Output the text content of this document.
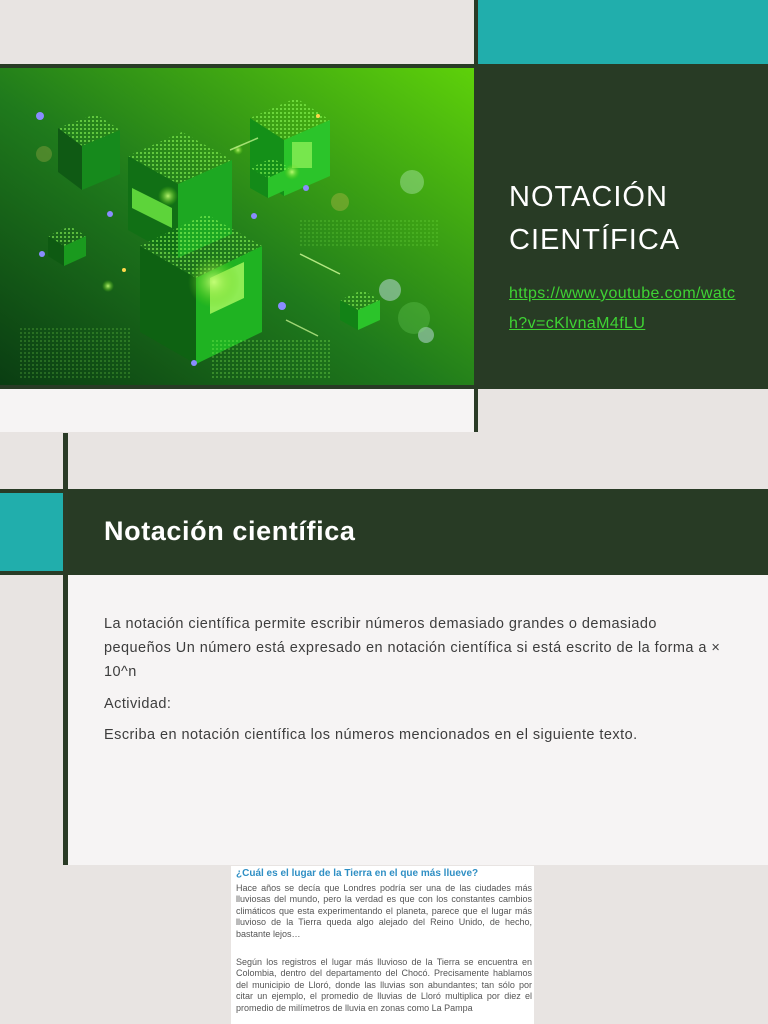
NOTACIÓN
CIENTÍFICA
https://www.youtube.com/watch?v=cKlvnaM4fLU
Notación científica
La notación científica permite escribir números demasiado grandes o demasiado pequeños Un número está expresado en notación científica si está escrito de la forma a × 10^n
Actividad:
Escriba en notación científica los números mencionados en el siguiente texto.
¿Cuál es el lugar de la Tierra en el que más llueve?
Hace años se decía que Londres podría ser una de las ciudades más lluviosas del mundo, pero la verdad es que con los constantes cambios climáticos que esta experimentando el planeta, parece que el lugar más lluvioso de la Tierra queda algo alejado del Reino Unido, de hecho, bastante lejos…
Según los registros el lugar más lluvioso de la Tierra se encuentra en Colombia, dentro del departamento del Chocó. Precisamente hablamos del municipio de Lloró, donde las lluvias son abundantes; tan sólo por citar un ejemplo, el promedio de lluvias de Lloró multiplica por diez el promedio de milímetros de lluvia en zonas como La Pampa
